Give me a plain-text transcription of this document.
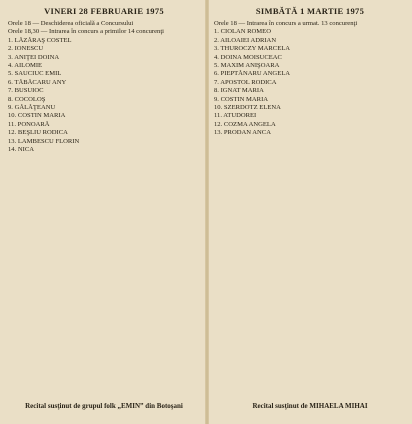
VINERI 28 FEBRUARIE 1975
Orele 18 — Deschiderea oficială a Concursului
Orele 18,30 — Intrarea în concurs a primilor 14 concurenţi
1. LĂZĂRAŞ COSTEL
2. IONESCU
3. ANIŢEI DOINA
4. AILOMIE
5. SAUCIUC EMIL
6. TĂBĂCARU ANY
7. BUSUIOC
8. COCOLOŞ
9. GĂLĂŢEANU
10. COSTIN MARIA
11. PONOARĂ
12. BEŞLIU RODICA
13. LAMBESCU FLORIN
14. NICA
Recital susţinut de grupul folk „EMIN” din Botoşani
SIMBĂTĂ 1 MARTIE 1975
Orele 18 — Intrarea în concurs a urmat. 13 concurenţi
1. CIOLAN ROMEO
2. AILOAIEI ADRIAN
3. THUROCZY MARCELA
4. DOINA MOISUCEAC
5. MAXIM ANIŞOARA
6. PIEPTĂNARU ANGELA
7. APOSTOL RODICA
8. IGNAT MARIA
9. COSTIN MARIA
10. SZERDOTZ ELENA
11. ATUDOREI
12. COZMA ANGELA
13. PRODAN ANCA
Recital susţinut de MIHAELA MIHAI
